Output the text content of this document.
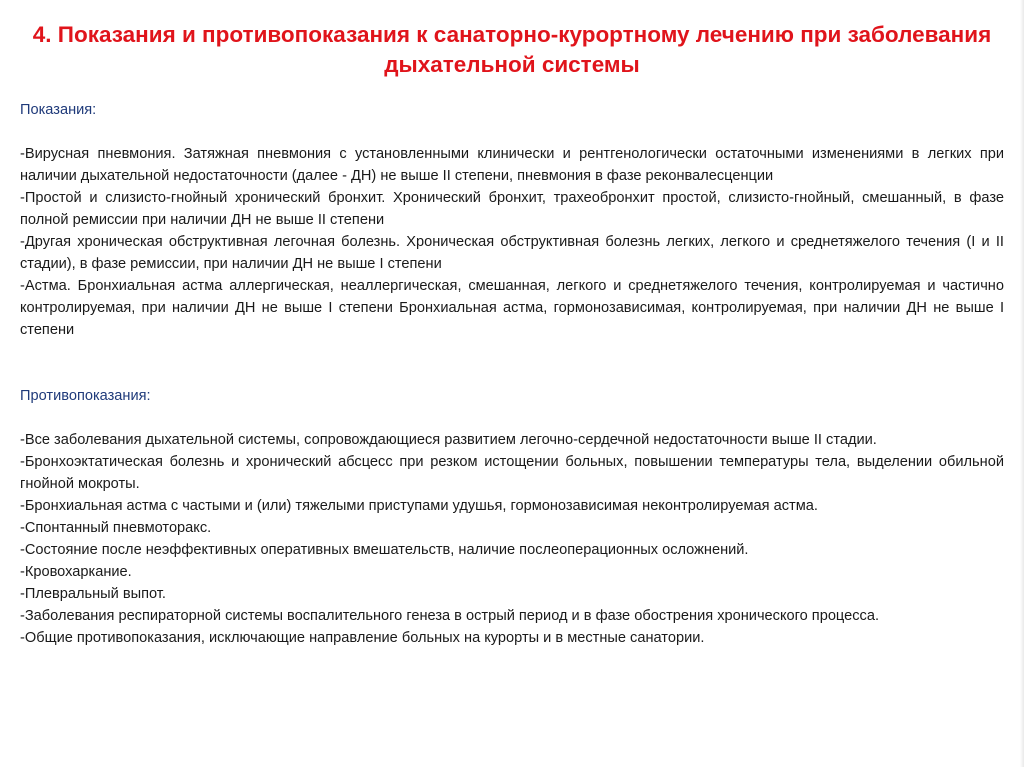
4. Показания и противопоказания к санаторно-курортному лечению при заболевания дыхательной системы

Показания:

-Вирусная пневмония. Затяжная пневмония с установленными клинически и рентгенологически остаточными изменениями в легких при наличии дыхательной недостаточности (далее - ДН) не выше II степени, пневмония в фазе реконвалесценции

-Простой и слизисто-гнойный хронический бронхит. Хронический бронхит, трахеобронхит простой, слизисто-гнойный, смешанный, в фазе полной ремиссии при наличии ДН не выше II степени

-Другая хроническая обструктивная легочная болезнь. Хроническая обструктивная болезнь легких, легкого и среднетяжелого течения (I и II стадии), в фазе ремиссии, при наличии ДН не выше I степени

-Астма. Бронхиальная астма аллергическая, неаллергическая, смешанная, легкого и среднетяжелого течения, контролируемая и частично контролируемая, при наличии ДН не выше I степени Бронхиальная астма, гормонозависимая, контролируемая, при наличии ДН не выше I степени

Противопоказания:

-Все заболевания дыхательной системы, сопровождающиеся развитием легочно-сердечной недостаточности выше II стадии.

-Бронхоэктатическая болезнь и хронический абсцесс при резком истощении больных, повышении температуры тела, выделении обильной гнойной мокроты.

-Бронхиальная астма с частыми и (или) тяжелыми приступами удушья, гормонозависимая неконтролируемая астма.

-Спонтанный пневмоторакс.

-Состояние после неэффективных оперативных вмешательств, наличие послеоперационных осложнений.

-Кровохаркание.

-Плевральный выпот.

-Заболевания респираторной системы воспалительного генеза в острый период и в фазе обострения хронического процесса.

-Общие противопоказания, исключающие направление больных на курорты и в местные санатории.
